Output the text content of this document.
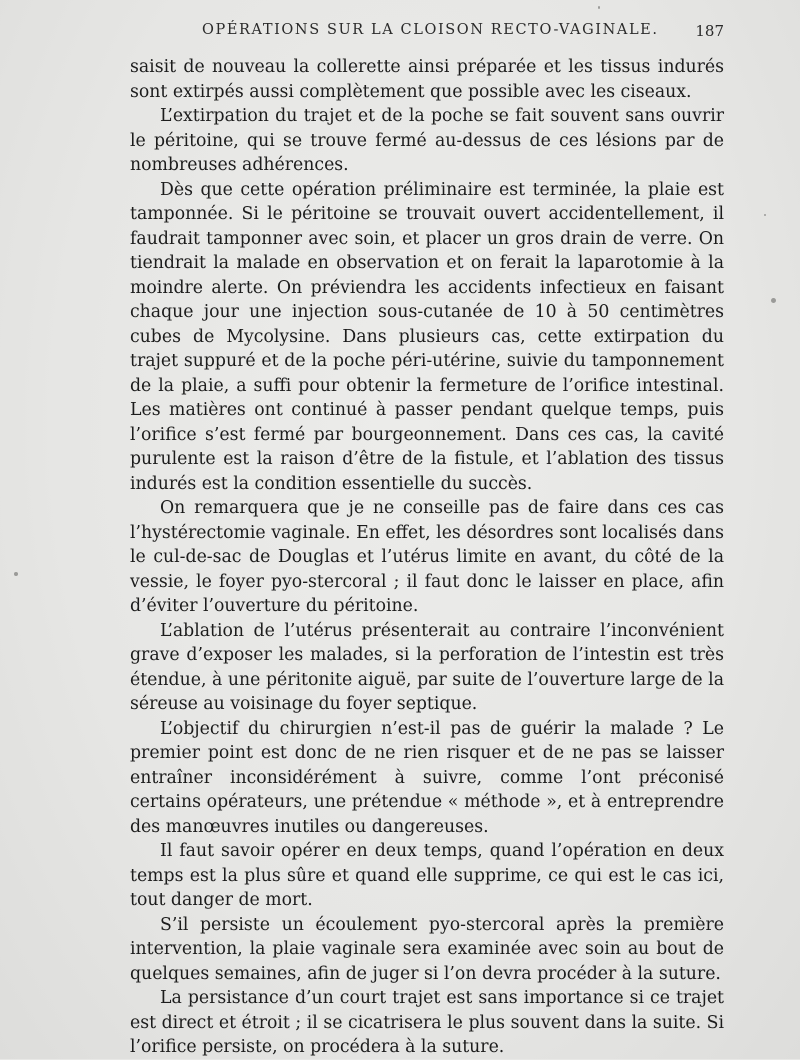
OPÉRATIONS SUR LA CLOISON RECTO-VAGINALE. 187

saisit de nouveau la collerette ainsi préparée et les tissus indurés sont extirpés aussi complètement que possible avec les ciseaux.

L’extirpation du trajet et de la poche se fait souvent sans ouvrir le péritoine, qui se trouve fermé au-dessus de ces lésions par de nombreuses adhérences.

Dès que cette opération préliminaire est terminée, la plaie est tamponnée. Si le péritoine se trouvait ouvert accidentellement, il faudrait tamponner avec soin, et placer un gros drain de verre. On tiendrait la malade en observation et on ferait la laparotomie à la moindre alerte. On préviendra les accidents infectieux en faisant chaque jour une injection sous-cutanée de 10 à 50 centimètres cubes de Mycolysine. Dans plusieurs cas, cette extirpation du trajet suppuré et de la poche péri-utérine, suivie du tamponnement de la plaie, a suffi pour obtenir la fermeture de l’orifice intestinal. Les matières ont continué à passer pendant quelque temps, puis l’orifice s’est fermé par bourgeonnement. Dans ces cas, la cavité purulente est la raison d’être de la fistule, et l’ablation des tissus indurés est la condition essentielle du succès.

On remarquera que je ne conseille pas de faire dans ces cas l’hystérectomie vaginale. En effet, les désordres sont localisés dans le cul-de-sac de Douglas et l’utérus limite en avant, du côté de la vessie, le foyer pyo-stercoral ; il faut donc le laisser en place, afin d’éviter l’ouverture du péritoine.

L’ablation de l’utérus présenterait au contraire l’inconvénient grave d’exposer les malades, si la perforation de l’intestin est très étendue, à une péritonite aiguë, par suite de l’ouverture large de la séreuse au voisinage du foyer septique.

L’objectif du chirurgien n’est-il pas de guérir la malade ? Le premier point est donc de ne rien risquer et de ne pas se laisser entraîner inconsidérément à suivre, comme l’ont préconisé certains opérateurs, une prétendue « méthode », et à entreprendre des manœuvres inutiles ou dangereuses.

Il faut savoir opérer en deux temps, quand l’opération en deux temps est la plus sûre et quand elle supprime, ce qui est le cas ici, tout danger de mort.

S’il persiste un écoulement pyo-stercoral après la première intervention, la plaie vaginale sera examinée avec soin au bout de quelques semaines, afin de juger si l’on devra procéder à la suture.

La persistance d’un court trajet est sans importance si ce trajet est direct et étroit ; il se cicatrisera le plus souvent dans la suite. Si l’orifice persiste, on procédera à la suture.
